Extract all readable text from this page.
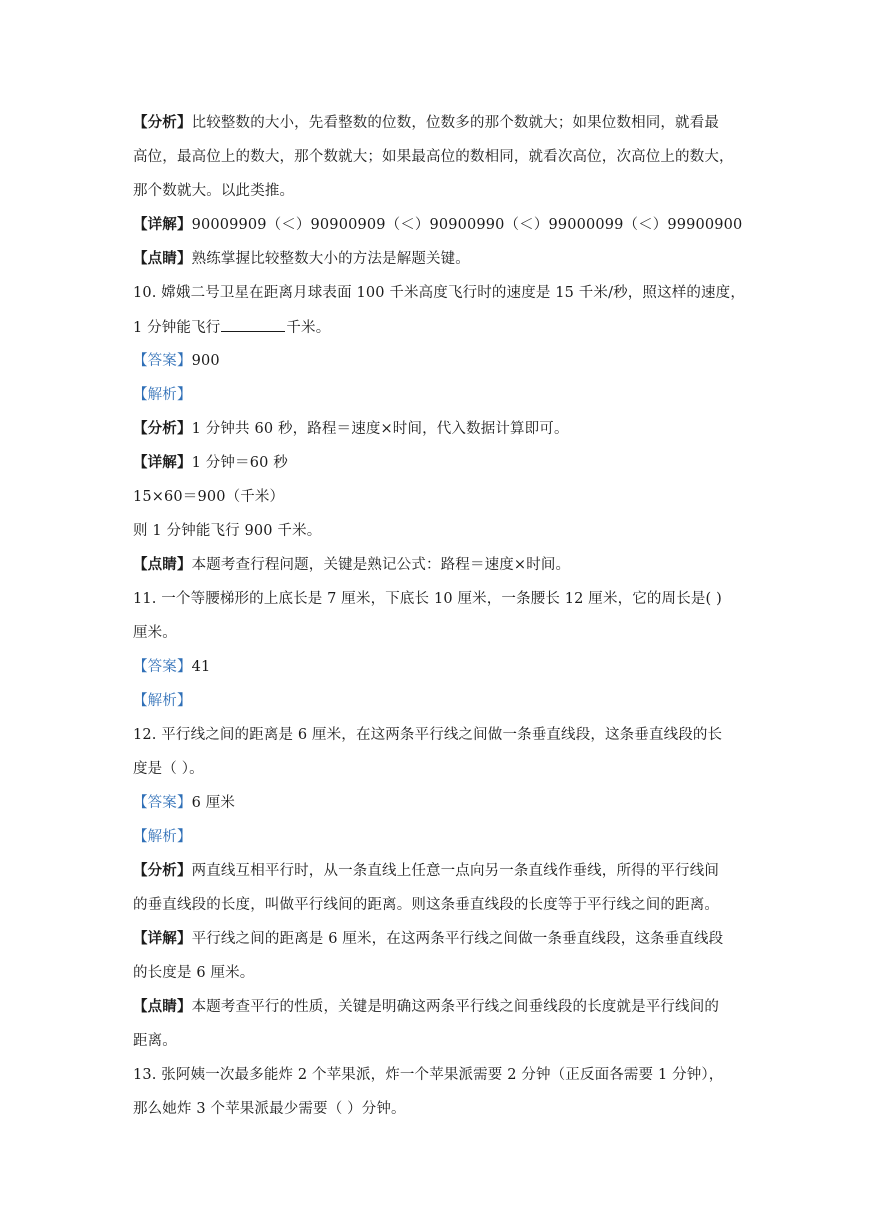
【分析】比较整数的大小，先看整数的位数，位数多的那个数就大；如果位数相同，就看最
高位，最高位上的数大，那个数就大；如果最高位的数相同，就看次高位，次高位上的数大，
那个数就大。以此类推。
【详解】90009909（＜）90900909（＜）90900990（＜）99000099（＜）99900900
【点睛】熟练掌握比较整数大小的方法是解题关键。
10. 嫦娥二号卫星在距离月球表面 100 千米高度飞行时的速度是 15 千米/秒，照这样的速度，
1 分钟能飞行	千米。
【答案】900
【解析】
【分析】1 分钟共 60 秒，路程＝速度×时间，代入数据计算即可。
【详解】1 分钟＝60 秒
15×60＝900（千米）
则 1 分钟能飞行 900 千米。
【点睛】本题考查行程问题，关键是熟记公式：路程＝速度×时间。
11. 一个等腰梯形的上底长是 7 厘米，下底长 10 厘米，一条腰长 12 厘米，它的周长是( )
厘米。
【答案】41
【解析】
12. 平行线之间的距离是 6 厘米，在这两条平行线之间做一条垂直线段，这条垂直线段的长
度是（ ）。
【答案】6 厘米
【解析】
【分析】两直线互相平行时，从一条直线上任意一点向另一条直线作垂线，所得的平行线间
的垂直线段的长度，叫做平行线间的距离。则这条垂直线段的长度等于平行线之间的距离。
【详解】平行线之间的距离是 6 厘米，在这两条平行线之间做一条垂直线段，这条垂直线段
的长度是 6 厘米。
【点睛】本题考查平行的性质，关键是明确这两条平行线之间垂线段的长度就是平行线间的
距离。
13. 张阿姨一次最多能炸 2 个苹果派，炸一个苹果派需要 2 分钟（正反面各需要 1 分钟），
那么她炸 3 个苹果派最少需要（ ）分钟。
